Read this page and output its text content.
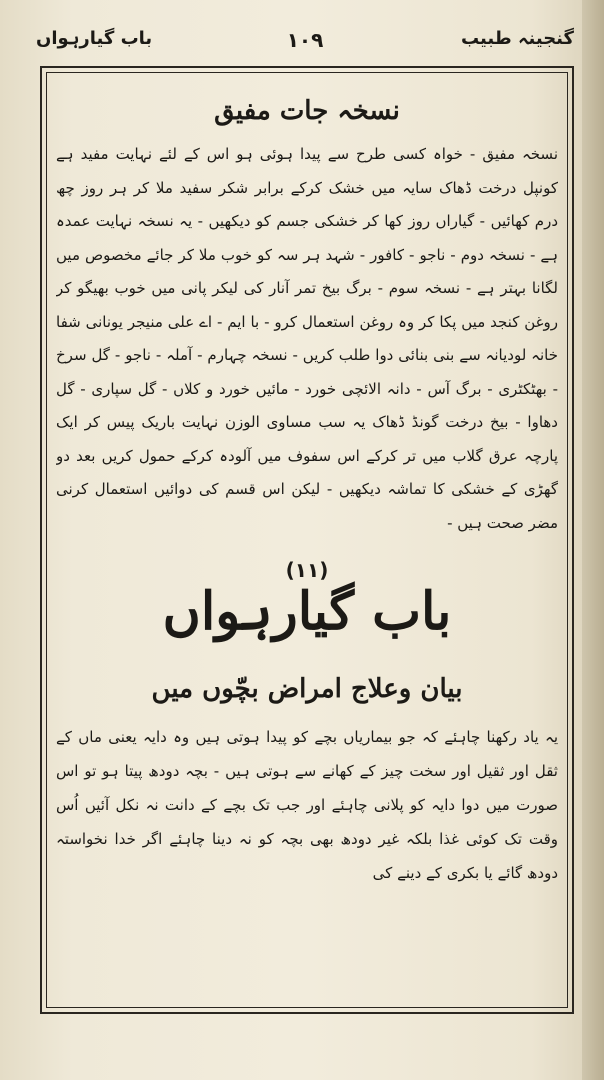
گنجینہ طبیب
۱۰۹
باب گیارہواں
نسخہ جات مفیق

نسخہ مفیق - خواہ کسی طرح سے پیدا ہوئی ہو اس کے لئے نہایت مفید ہے کونپل درخت ڈھاک سایہ میں خشک کرکے برابر شکر سفید ملا کر ہر روز چھ درم کھائیں - گیاراں روز کھا کر خشکی جسم کو دیکھیں - یہ نسخہ نہایت عمدہ ہے - نسخہ دوم - ناجو - کافور - شہد ہر سہ کو خوب ملا کر جائے مخصوص میں لگانا بہتر ہے - نسخہ سوم - برگ بیخ تمر آنار کی لیکر پانی میں خوب بھیگو کر روغن کنجد میں پکا کر وہ روغن استعمال کرو - با ایم - اے علی منیجر یونانی شفا خانہ لودیانہ سے بنی بنائی دوا طلب کریں - نسخہ چہارم - آملہ - ناجو - گل سرخ - بھٹکٹری - برگ آس - دانہ الائچی خورد - مائیں خورد و کلاں - گل سپاری - گل دھاوا - بیخ درخت گونڈ ڈھاک یہ سب مساوی الوزن نہایت باریک پیس کر ایک پارچہ عرق گلاب میں تر کرکے اس سفوف میں آلودہ کرکے حمول کریں بعد دو گھڑی کے خشکی کا تماشہ دیکھیں - لیکن اس قسم کی دوائیں استعمال کرنی مضر صحت ہیں -

(۱۱)
باب گیارہواں
بیان وعلاج امراض بچّوں میں

یہ یاد رکھنا چاہئے کہ جو بیماریاں بچے کو پیدا ہوتی ہیں وہ دایہ یعنی ماں کے ثقل اور ثقیل اور سخت چیز کے کھانے سے ہوتی ہیں - بچہ دودھ پیتا ہو تو اس صورت میں دوا دایہ کو پلانی چاہئے اور جب تک بچے کے دانت نہ نکل آئیں اُس وقت تک کوئی غذا بلکہ غیر دودھ بھی بچہ کو نہ دینا چاہئے اگر خدا نخواستہ دودھ گائے یا بکری کے دینے کی
